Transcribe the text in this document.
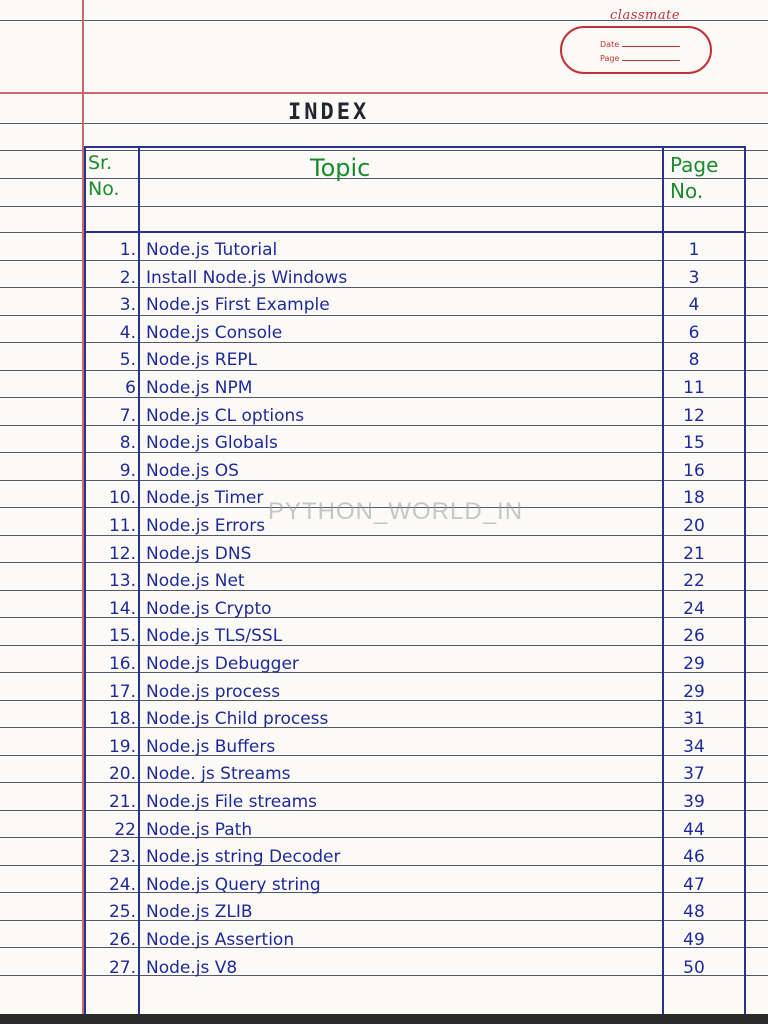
classmate
Date
Page
INDEX
Sr.
No.
Topic	Page
No.
1. Node.js Tutorial	1
2. Install Node.js Windows	3
3. Node.js First Example	4
4. Node.js Console	6
5. Node.js REPL	8
6 Node.js NPM	11
7. Node.js CL options	12
8. Node.js Globals	15
9. Node.js OS	16
10. Node.js Timer	18
11. Node.js Errors	20
12. Node.js DNS	21
13. Node.js Net	22
14. Node.js Crypto	24
15. Node.js TLS/SSL	26
16. Node.js Debugger	29
17. Node.js process	29
18. Node.js Child process	31
19. Node.js Buffers	34
20. Node. js Streams	37
21. Node.js File streams	39
22 Node.js Path	44
23. Node.js string Decoder	46
24. Node.js Query string	47
25. Node.js ZLIB	48
26. Node.js Assertion	49
27. Node.js V8	50
PYTHON_WORLD_IN
